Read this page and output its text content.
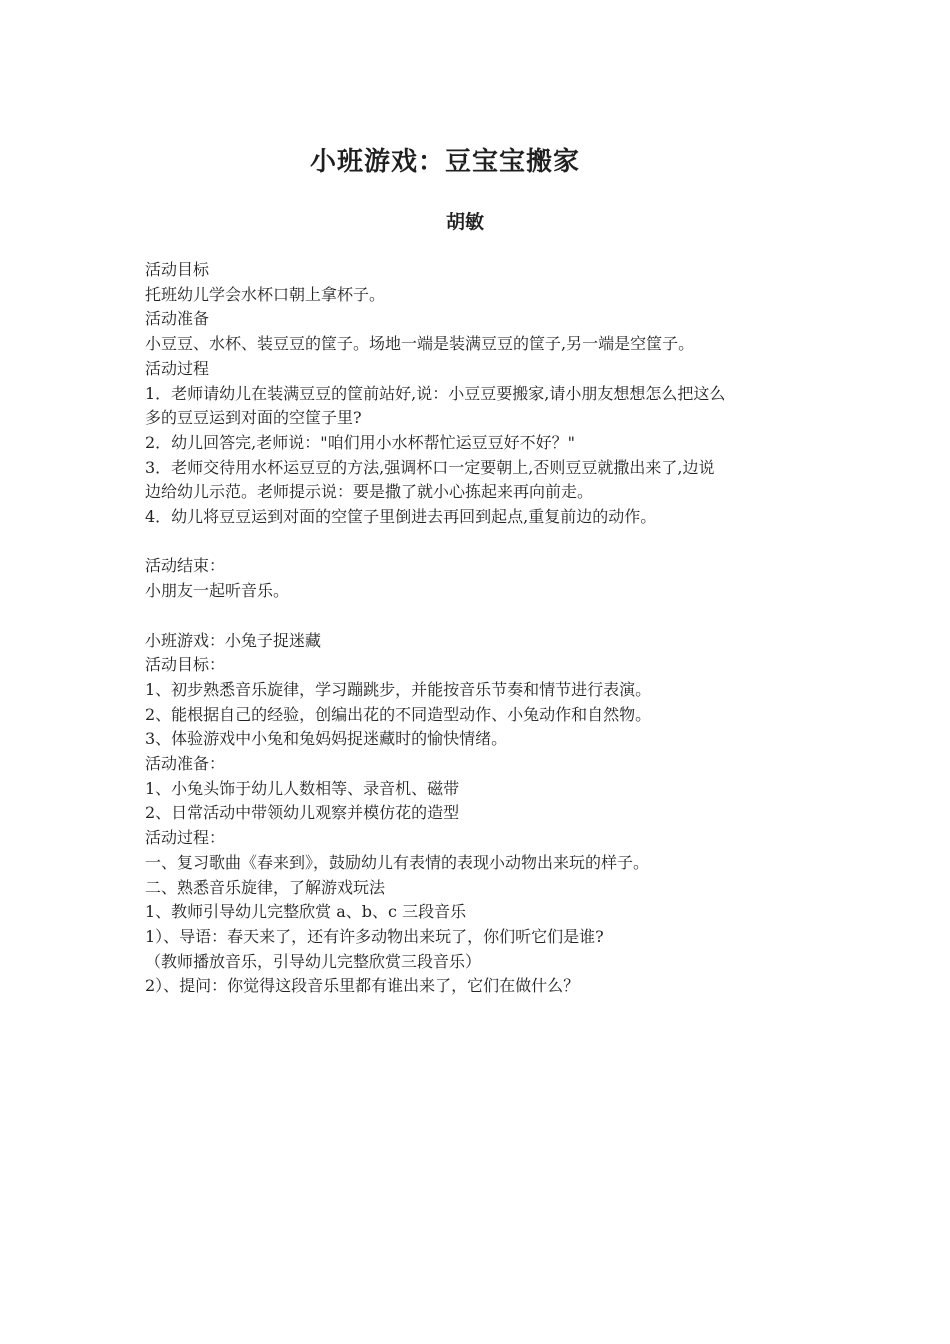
小班游戏：豆宝宝搬家
胡敏
活动目标
托班幼儿学会水杯口朝上拿杯子。
活动准备
小豆豆、水杯、装豆豆的筐子。场地一端是装满豆豆的筐子,另一端是空筐子。
活动过程
1．老师请幼儿在装满豆豆的筐前站好,说：小豆豆要搬家,请小朋友想想怎么把这么
多的豆豆运到对面的空筐子里?
2．幼儿回答完,老师说："咱们用小水杯帮忙运豆豆好不好？"
3．老师交待用水杯运豆豆的方法,强调杯口一定要朝上,否则豆豆就撒出来了,边说
边给幼儿示范。老师提示说：要是撒了就小心拣起来再向前走。
4．幼儿将豆豆运到对面的空筐子里倒进去再回到起点,重复前边的动作。
活动结束：
小朋友一起听音乐。
小班游戏：小兔子捉迷藏
活动目标：
1、初步熟悉音乐旋律，学习蹦跳步，并能按音乐节奏和情节进行表演。
2、能根据自己的经验，创编出花的不同造型动作、小兔动作和自然物。
3、体验游戏中小兔和兔妈妈捉迷藏时的愉快情绪。
活动准备：
1、小兔头饰于幼儿人数相等、录音机、磁带
2、日常活动中带领幼儿观察并模仿花的造型
活动过程：
一、复习歌曲《春来到》，鼓励幼儿有表情的表现小动物出来玩的样子。
二、熟悉音乐旋律，了解游戏玩法
1、教师引导幼儿完整欣赏 a、b、c 三段音乐
1）、导语：春天来了，还有许多动物出来玩了，你们听它们是谁?
（教师播放音乐，引导幼儿完整欣赏三段音乐）
2）、提问：你觉得这段音乐里都有谁出来了，它们在做什么？
